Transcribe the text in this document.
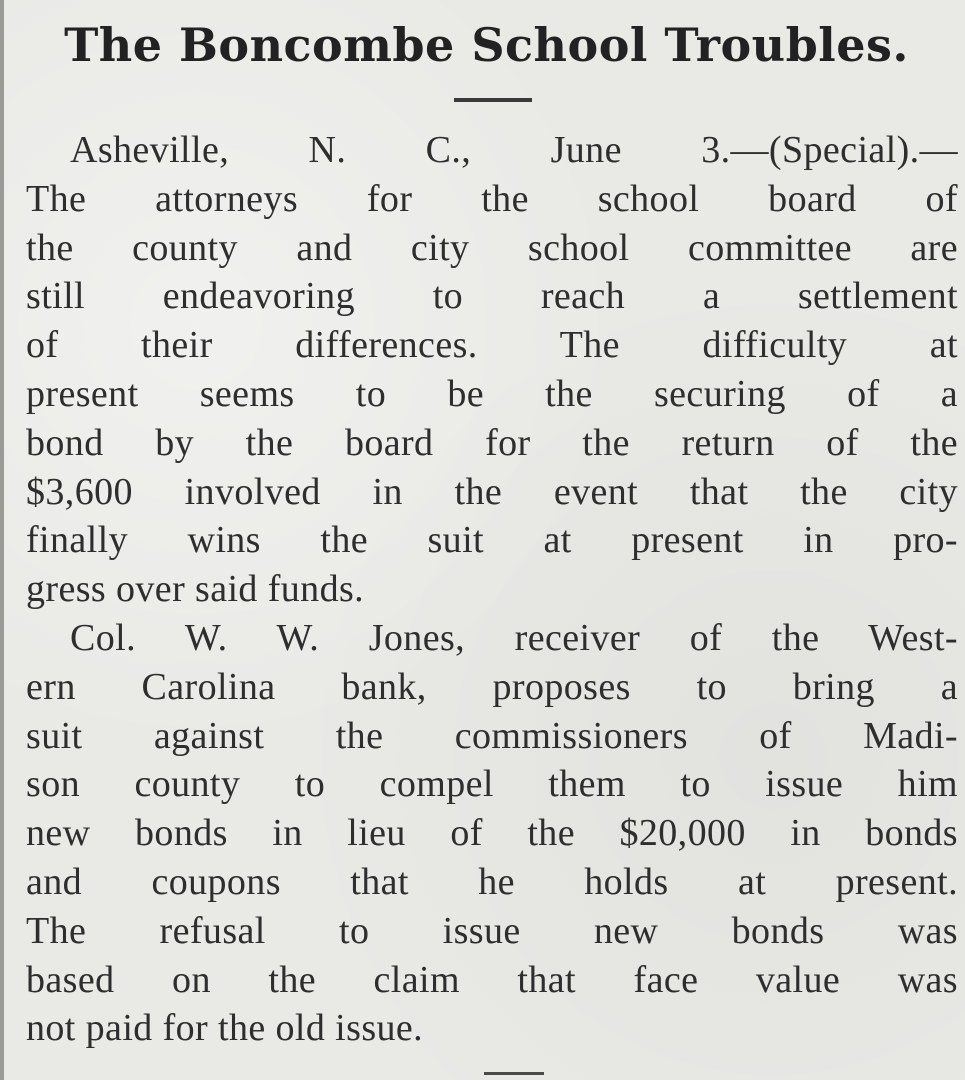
The Boncombe School Troubles.
Asheville, N. C., June 3.—(Special).—
The attorneys for the school board of
the county and city school committee are
still endeavoring to reach a settlement
of their differences. The difficulty at
present seems to be the securing of a
bond by the board for the return of the
$3,600 involved in the event that the city
finally wins the suit at present in pro-
gress over said funds.
Col. W. W. Jones, receiver of the West-
ern Carolina bank, proposes to bring a
suit against the commissioners of Madi-
son county to compel them to issue him
new bonds in lieu of the $20,000 in bonds
and coupons that he holds at present.
The refusal to issue new bonds was
based on the claim that face value was
not paid for the old issue.
